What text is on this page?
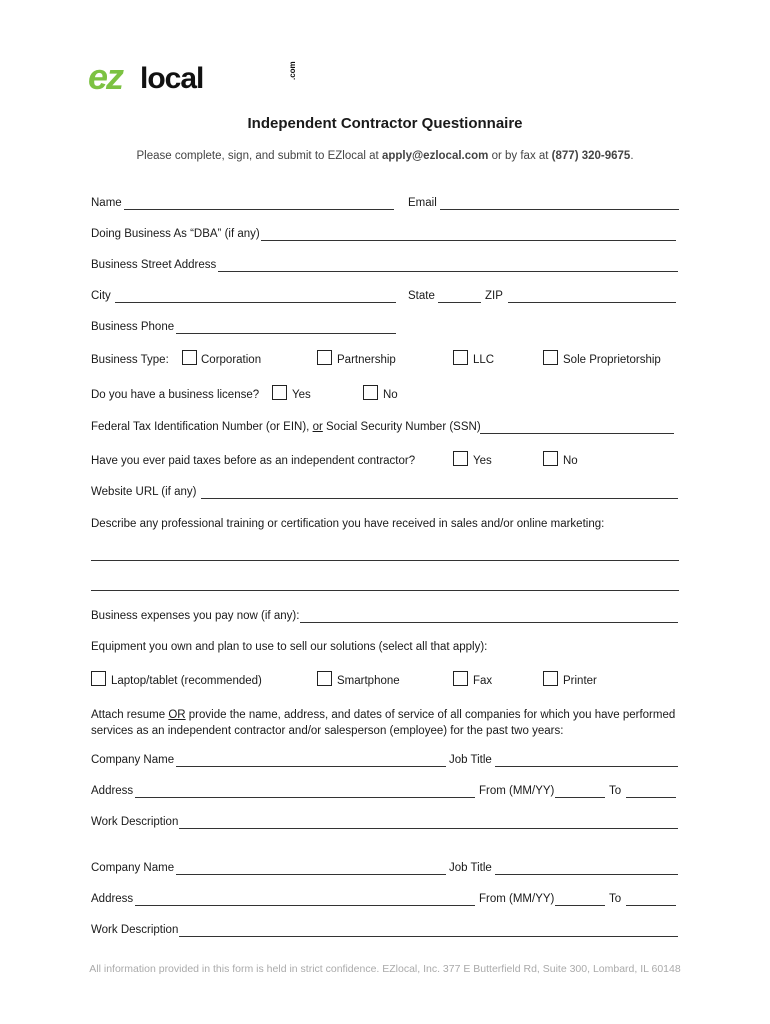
ez local	.com
Independent Contractor Questionnaire
Please complete, sign, and submit to EZlocal at apply@ezlocal.com or by fax at (877) 320-9675.
Name	Email
Doing Business As “DBA” (if any)
Business Street Address
City	State	ZIP
Business Phone
Business Type:	Corporation	Partnership	LLC	Sole Proprietorship
Do you have a business license?	Yes	No
Federal Tax Identification Number (or EIN), or Social Security Number (SSN)
Have you ever paid taxes before as an independent contractor?	Yes	No
Website URL (if any)
Describe any professional training or certification you have received in sales and/or online marketing:
Business expenses you pay now (if any):
Equipment you own and plan to use to sell our solutions (select all that apply):
Laptop/tablet (recommended)	Smartphone	Fax	Printer
Attach resume OR provide the name, address, and dates of service of all companies for which you have performed services as an independent contractor and/or salesperson (employee) for the past two years:
Company Name	Job Title
Address	From (MM/YY)	To
Work Description
Company Name	Job Title
Address	From (MM/YY)	To
Work Description
All information provided in this form is held in strict confidence. EZlocal, Inc. 377 E Butterfield Rd, Suite 300, Lombard, IL 60148
